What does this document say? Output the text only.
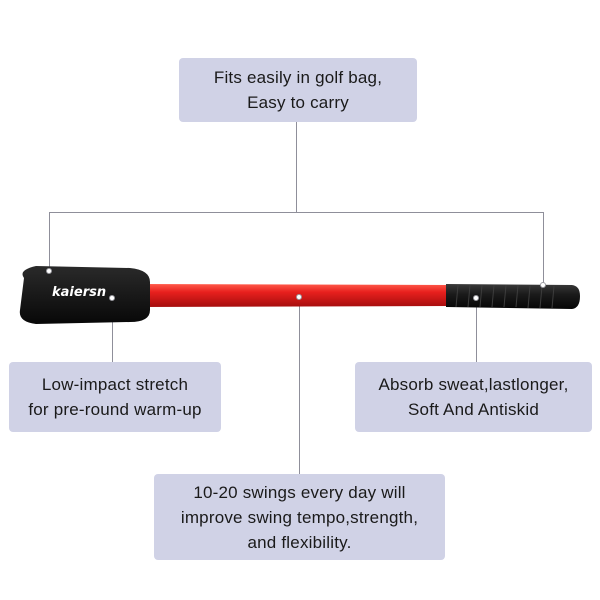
kaiersn
Fits easily in golf bag,
Easy to carry
Low-impact stretch
for pre-round warm-up
Absorb sweat,lastlonger,
Soft And Antiskid
10-20 swings every day will
improve swing tempo,strength,
and flexibility.
